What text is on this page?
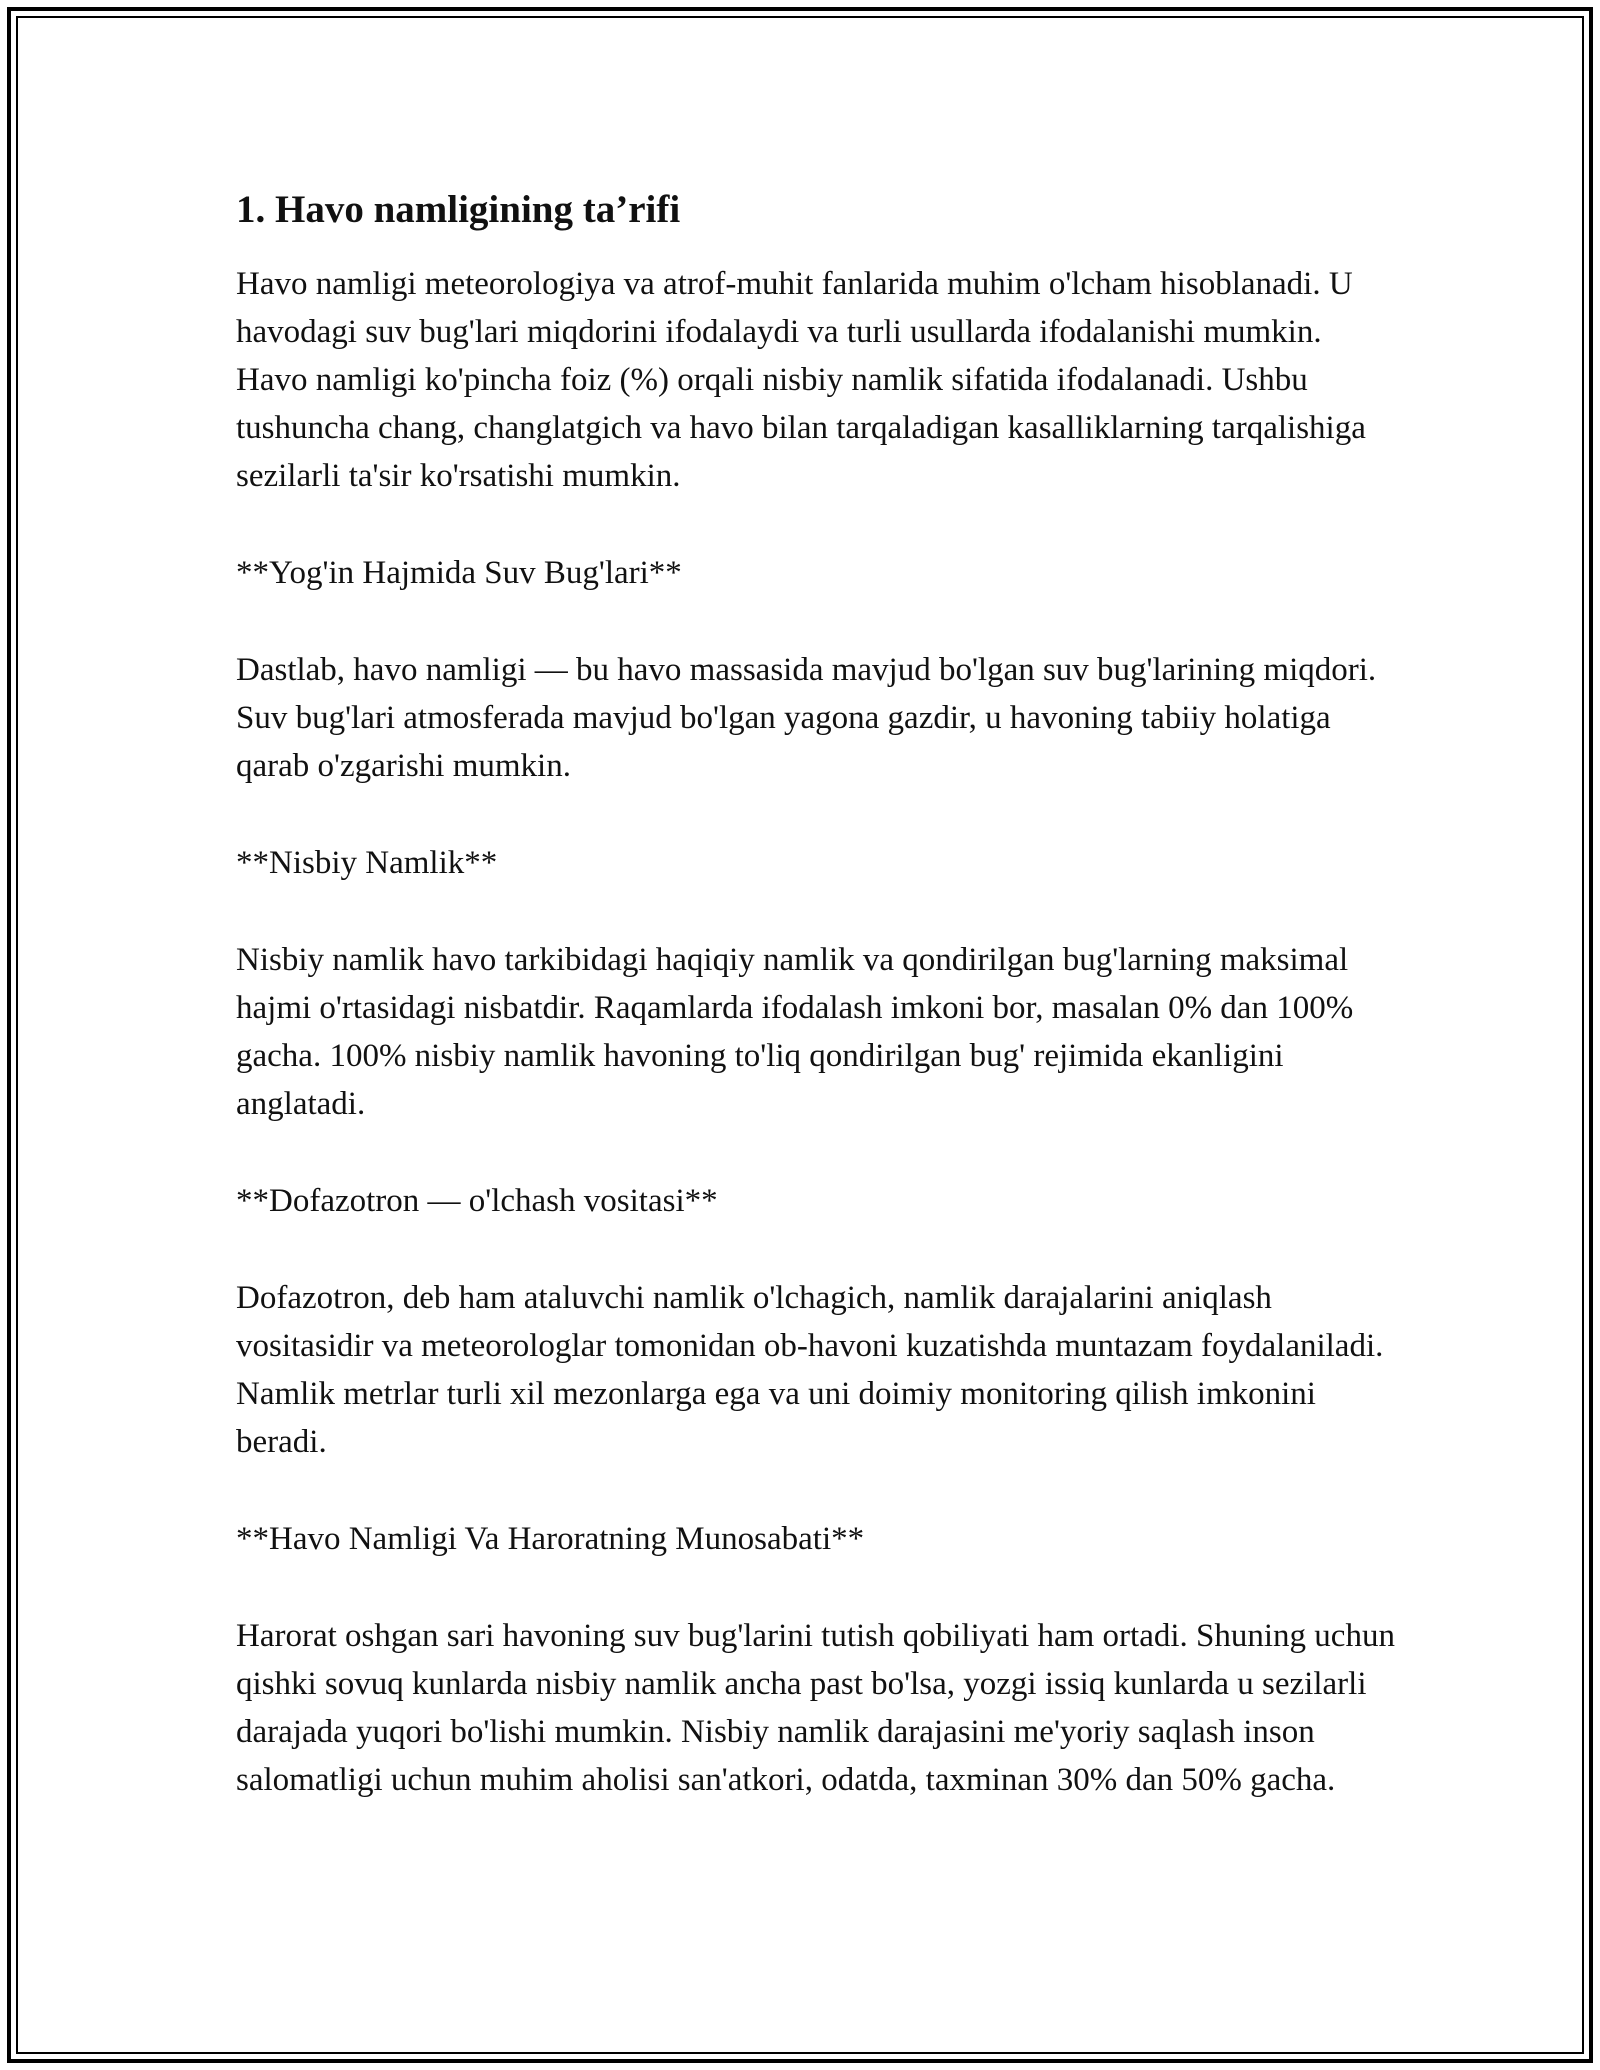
1. Havo namligining ta’rifi

Havo namligi meteorologiya va atrof-muhit fanlarida muhim o'lcham hisoblanadi. U havodagi suv bug'lari miqdorini ifodalaydi va turli usullarda ifodalanishi mumkin. Havo namligi ko'pincha foiz (%) orqali nisbiy namlik sifatida ifodalanadi. Ushbu tushuncha chang, changlatgich va havo bilan tarqaladigan kasalliklarning tarqalishiga sezilarli ta'sir ko'rsatishi mumkin.

**Yog'in Hajmida Suv Bug'lari**

Dastlab, havo namligi — bu havo massasida mavjud bo'lgan suv bug'larining miqdori. Suv bug'lari atmosferada mavjud bo'lgan yagona gazdir, u havoning tabiiy holatiga qarab o'zgarishi mumkin.

**Nisbiy Namlik**

Nisbiy namlik havo tarkibidagi haqiqiy namlik va qondirilgan bug'larning maksimal hajmi o'rtasidagi nisbatdir. Raqamlarda ifodalash imkoni bor, masalan 0% dan 100% gacha. 100% nisbiy namlik havoning to'liq qondirilgan bug' rejimida ekanligini anglatadi.

**Dofazotron — o'lchash vositasi**

Dofazotron, deb ham ataluvchi namlik o'lchagich, namlik darajalarini aniqlash vositasidir va meteorologlar tomonidan ob-havoni kuzatishda muntazam foydalaniladi. Namlik metrlar turli xil mezonlarga ega va uni doimiy monitoring qilish imkonini beradi.

**Havo Namligi Va Haroratning Munosabati**

Harorat oshgan sari havoning suv bug'larini tutish qobiliyati ham ortadi. Shuning uchun qishki sovuq kunlarda nisbiy namlik ancha past bo'lsa, yozgi issiq kunlarda u sezilarli darajada yuqori bo'lishi mumkin. Nisbiy namlik darajasini me'yoriy saqlash inson salomatligi uchun muhim aholisi san'atkori, odatda, taxminan 30% dan 50% gacha.
